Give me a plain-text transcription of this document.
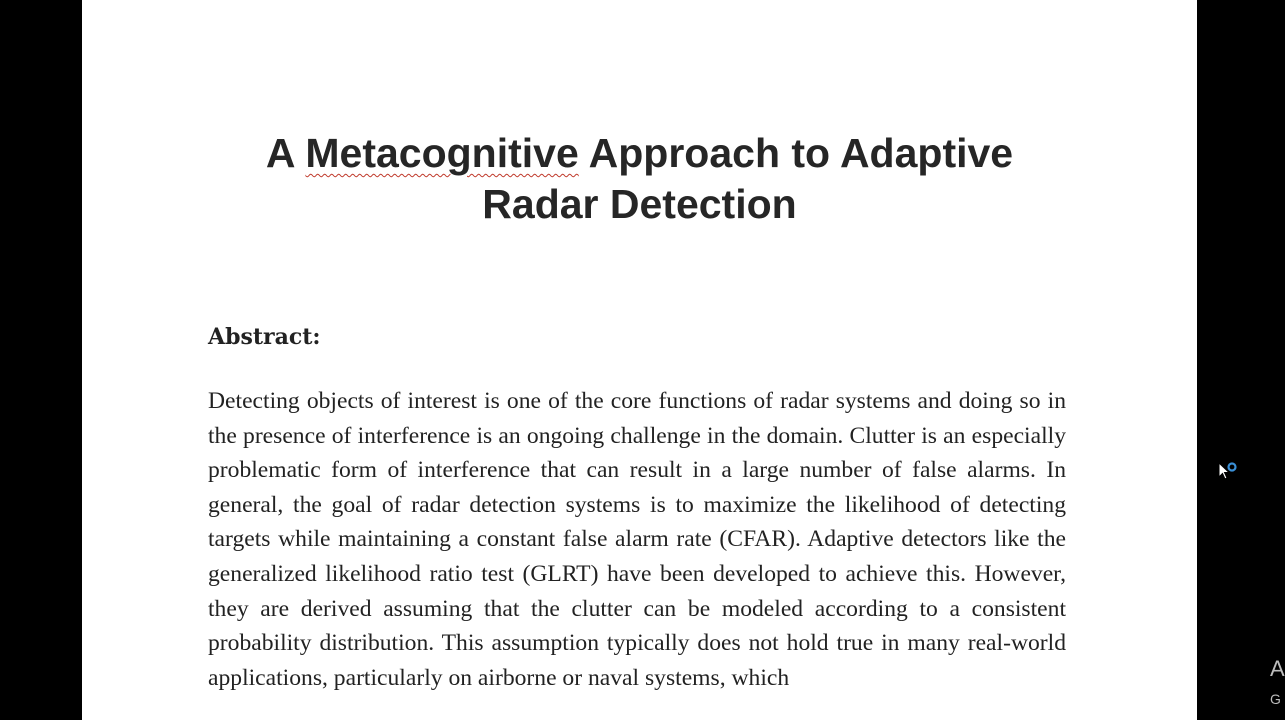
A Metacognitive Approach to Adaptive
Radar Detection
Abstract:
Detecting objects of interest is one of the core functions of radar systems and doing so in the presence of interference is an ongoing challenge in the domain. Clutter is an especially problematic form of interference that can result in a large number of false alarms. In general, the goal of radar detection systems is to maximize the likelihood of detecting targets while maintaining a constant false alarm rate (CFAR). Adaptive detectors like the generalized likelihood ratio test (GLRT) have been developed to achieve this. However, they are derived assuming that the clutter can be modeled according to a consistent probability distribution. This assumption typically does not hold true in many real-world applications, particularly on airborne or naval systems, which	A
G
